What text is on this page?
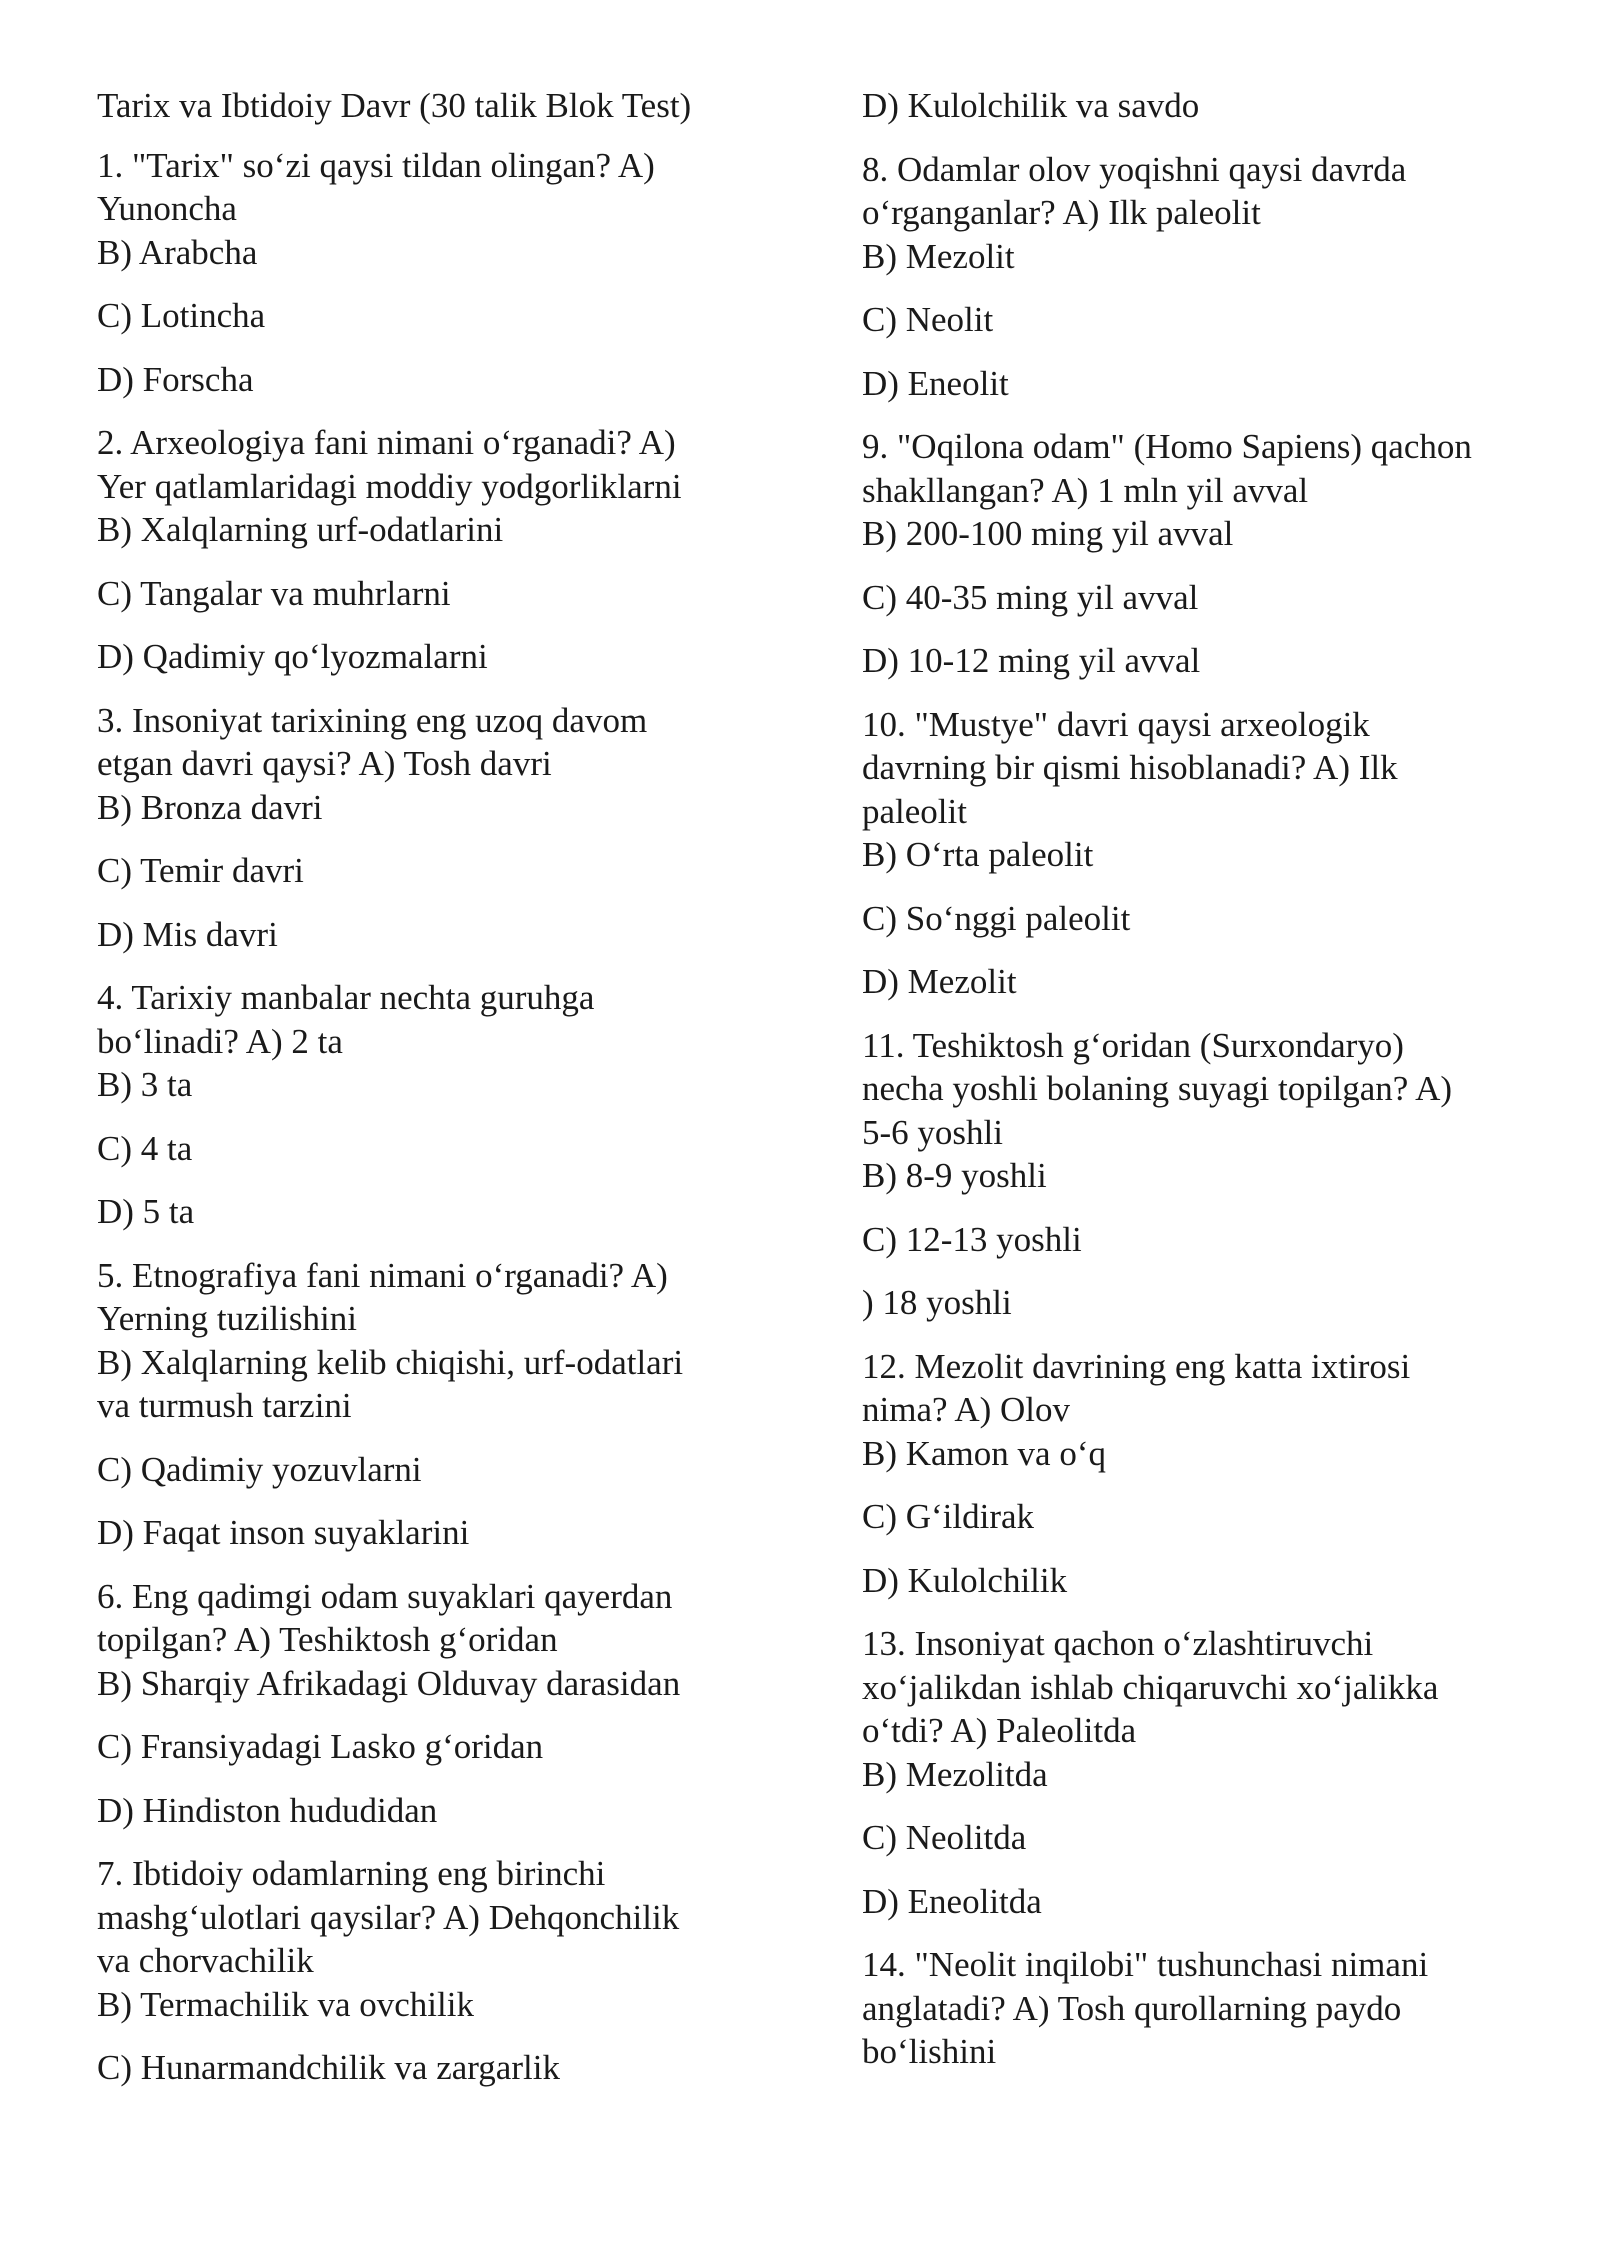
Tarix va Ibtidoiy Davr (30 talik Blok Test)
1. "Tarix" so‘zi qaysi tildan olingan? A)
Yunoncha
B) Arabcha
C) Lotincha
D) Forscha
2. Arxeologiya fani nimani o‘rganadi? A)
Yer qatlamlaridagi moddiy yodgorliklarni
B) Xalqlarning urf-odatlarini
C) Tangalar va muhrlarni
D) Qadimiy qo‘lyozmalarni
3. Insoniyat tarixining eng uzoq davom
etgan davri qaysi? A) Tosh davri
B) Bronza davri
C) Temir davri
D) Mis davri
4. Tarixiy manbalar nechta guruhga
bo‘linadi? A) 2 ta
B) 3 ta
C) 4 ta
D) 5 ta
5. Etnografiya fani nimani o‘rganadi? A)
Yerning tuzilishini
B) Xalqlarning kelib chiqishi, urf-odatlari
va turmush tarzini
C) Qadimiy yozuvlarni
D) Faqat inson suyaklarini
6. Eng qadimgi odam suyaklari qayerdan
topilgan? A) Teshiktosh g‘oridan
B) Sharqiy Afrikadagi Olduvay darasidan
C) Fransiyadagi Lasko g‘oridan
D) Hindiston hududidan
7. Ibtidoiy odamlarning eng birinchi
mashg‘ulotlari qaysilar? A) Dehqonchilik
va chorvachilik
B) Termachilik va ovchilik
C) Hunarmandchilik va zargarlik
D) Kulolchilik va savdo
8. Odamlar olov yoqishni qaysi davrda
o‘rganganlar? A) Ilk paleolit
B) Mezolit
C) Neolit
D) Eneolit
9. "Oqilona odam" (Homo Sapiens) qachon
shakllangan? A) 1 mln yil avval
B) 200-100 ming yil avval
C) 40-35 ming yil avval
D) 10-12 ming yil avval
10. "Mustye" davri qaysi arxeologik
davrning bir qismi hisoblanadi? A) Ilk
paleolit
B) O‘rta paleolit
C) So‘nggi paleolit
D) Mezolit
11. Teshiktosh g‘oridan (Surxondaryo)
necha yoshli bolaning suyagi topilgan? A)
5-6 yoshli
B) 8-9 yoshli
C) 12-13 yoshli
) 18 yoshli
12. Mezolit davrining eng katta ixtirosi
nima? A) Olov
B) Kamon va o‘q
C) G‘ildirak
D) Kulolchilik
13. Insoniyat qachon o‘zlashtiruvchi
xo‘jalikdan ishlab chiqaruvchi xo‘jalikka
o‘tdi? A) Paleolitda
B) Mezolitda
C) Neolitda
D) Eneolitda
14. "Neolit inqilobi" tushunchasi nimani
anglatadi? A) Tosh qurollarning paydo
bo‘lishini
